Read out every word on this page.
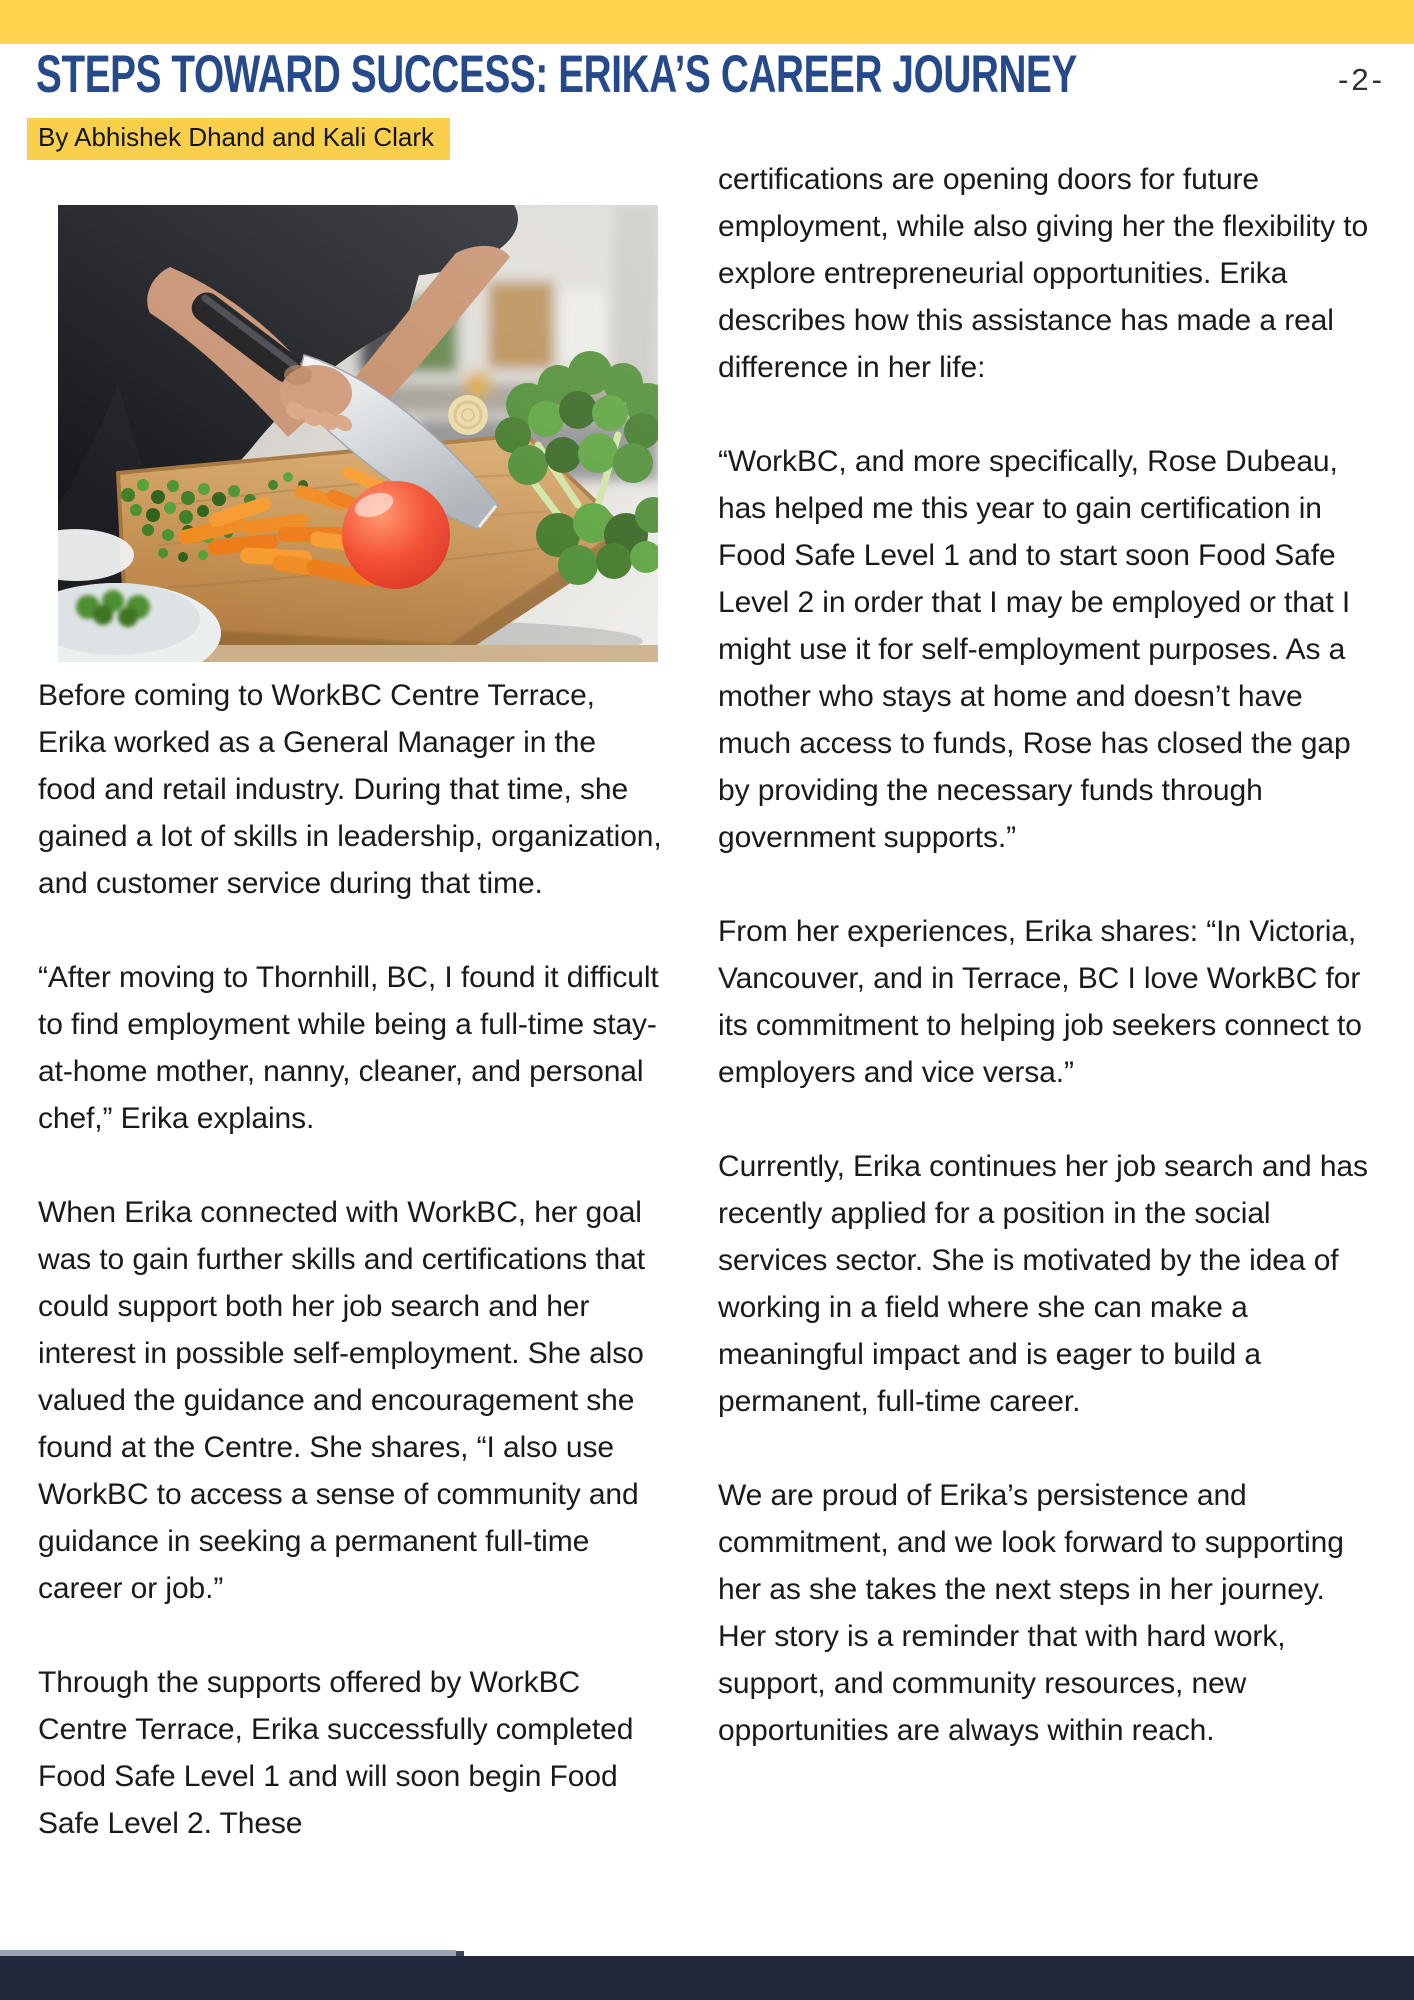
STEPS TOWARD SUCCESS: ERIKA’S CAREER JOURNEY	-2-
By Abhishek Dhand and Kali Clark

Before coming to WorkBC Centre Terrace, Erika worked as a General Manager in the food and retail industry. During that time, she gained a lot of skills in leadership, organization, and customer service during that time.

“After moving to Thornhill, BC, I found it difficult to find employment while being a full-time stay-at-home mother, nanny, cleaner, and personal chef,” Erika explains.

When Erika connected with WorkBC, her goal was to gain further skills and certifications that could support both her job search and her interest in possible self-employment. She also valued the guidance and encouragement she found at the Centre. She shares, “I also use WorkBC to access a sense of community and guidance in seeking a permanent full-time career or job.”

Through the supports offered by WorkBC Centre Terrace, Erika successfully completed Food Safe Level 1 and will soon begin Food Safe Level 2. These

certifications are opening doors for future employment, while also giving her the flexibility to explore entrepreneurial opportunities. Erika describes how this assistance has made a real difference in her life:

“WorkBC, and more specifically, Rose Dubeau, has helped me this year to gain certification in Food Safe Level 1 and to start soon Food Safe Level 2 in order that I may be employed or that I might use it for self-employment purposes. As a mother who stays at home and doesn’t have much access to funds, Rose has closed the gap by providing the necessary funds through government supports.”

From her experiences, Erika shares: “In Victoria, Vancouver, and in Terrace, BC I love WorkBC for its commitment to helping job seekers connect to employers and vice versa.”

Currently, Erika continues her job search and has recently applied for a position in the social services sector. She is motivated by the idea of working in a field where she can make a meaningful impact and is eager to build a permanent, full-time career.

We are proud of Erika’s persistence and commitment, and we look forward to supporting her as she takes the next steps in her journey. Her story is a reminder that with hard work, support, and community resources, new opportunities are always within reach.
